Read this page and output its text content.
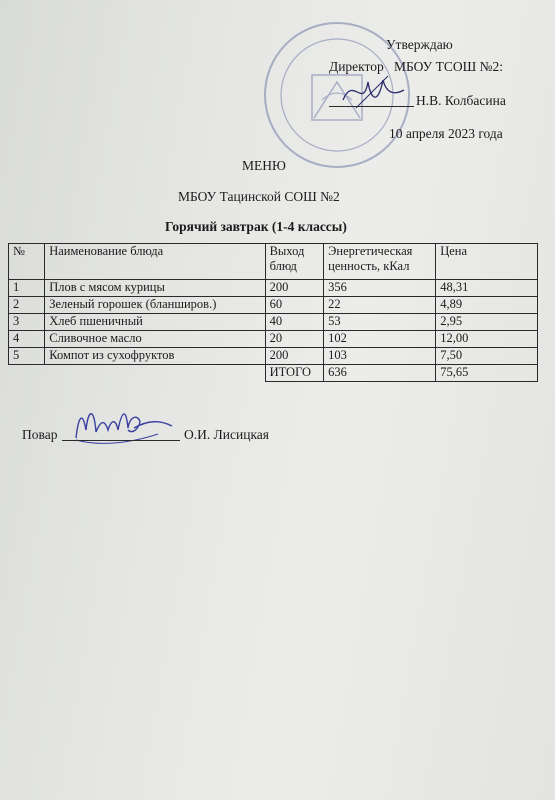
Утверждаю
Директор МБОУ ТСОШ №2:
Н.В. Колбасина
10 апреля 2023 года
МЕНЮ
МБОУ Тацинской СОШ №2
Горячий завтрак (1-4 классы)
№	Наименование блюда	Выход блюд	Энергетическая ценность, кКал	Цена
1	Плов с мясом курицы	200	356	48,31
2	Зеленый горошек (бланширов.)	60	22	4,89
3	Хлеб пшеничный	40	53	2,95
4	Сливочное масло	20	102	12,00
5	Компот из сухофруктов	200	103	7,50
		ИТОГО	636	75,65
Повар	О.И. Лисицкая
